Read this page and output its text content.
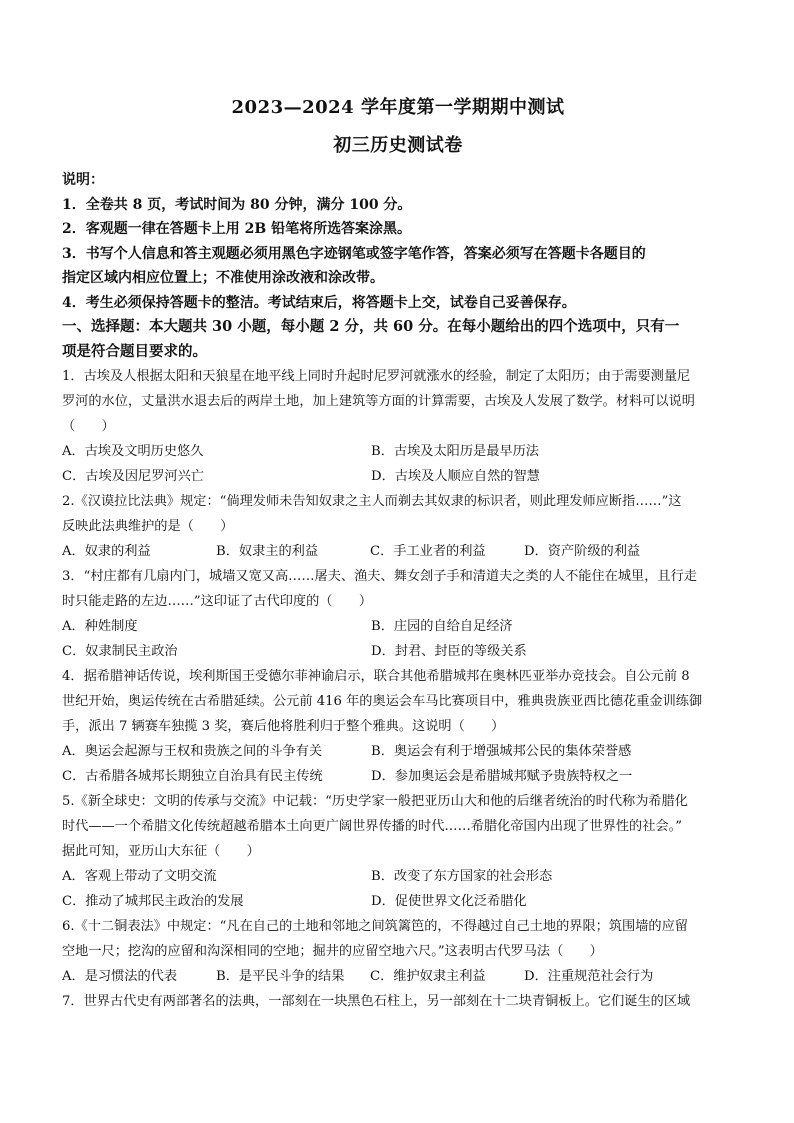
2023—2024 学年度第一学期期中测试
初三历史测试卷
说明：
1．全卷共 8 页，考试时间为 80 分钟，满分 100 分。
2．客观题一律在答题卡上用 2B 铅笔将所选答案涂黑。
3．书写个人信息和答主观题必须用黑色字迹钢笔或签字笔作答，答案必须写在答题卡各题目的
指定区域内相应位置上；不准使用涂改液和涂改带。
4．考生必须保持答题卡的整洁。考试结束后，将答题卡上交，试卷自己妥善保存。
一、选择题：本大题共 30 小题，每小题 2 分，共 60 分。在每小题给出的四个选项中，只有一
项是符合题目要求的。
1．古埃及人根据太阳和天狼星在地平线上同时升起时尼罗河就涨水的经验，制定了太阳历；由于需要测量尼
罗河的水位，丈量洪水退去后的两岸土地，加上建筑等方面的计算需要，古埃及人发展了数学。材料可以说明
（　　）
A．古埃及文明历史悠久	B．古埃及太阳历是最早历法
C．古埃及因尼罗河兴亡	D．古埃及人顺应自然的智慧
2.《汉谟拉比法典》规定：“倘理发师未告知奴隶之主人而剃去其奴隶的标识者，则此理发师应断指……”这
反映此法典维护的是（　　）
A．奴隶的利益	B．奴隶主的利益	C．手工业者的利益	D．资产阶级的利益
3．“村庄都有几扇内门，城墙又宽又高……屠夫、渔夫、舞女刽子手和清道夫之类的人不能住在城里，且行走
时只能走路的左边……”这印证了古代印度的（　　）
A．种姓制度	B．庄园的自给自足经济
C．奴隶制民主政治	D．封君、封臣的等级关系
4．据希腊神话传说，埃利斯国王受德尔菲神谕启示，联合其他希腊城邦在奥林匹亚举办竞技会。自公元前 8
世纪开始，奥运传统在古希腊延续。公元前 416 年的奥运会车马比赛项目中，雅典贵族亚西比德花重金训练御
手，派出 7 辆赛车独揽 3 奖，赛后他将胜利归于整个雅典。这说明（　　）
A．奥运会起源与王权和贵族之间的斗争有关	B．奥运会有利于增强城邦公民的集体荣誉感
C．古希腊各城邦长期独立自治具有民主传统	D．参加奥运会是希腊城邦赋予贵族特权之一
5.《新全球史：文明的传承与交流》中记载：“历史学家一般把亚历山大和他的后继者统治的时代称为希腊化
时代——一个希腊文化传统超越希腊本土向更广阔世界传播的时代……希腊化帝国内出现了世界性的社会。”
据此可知，亚历山大东征（　　）
A．客观上带动了文明交流	B．改变了东方国家的社会形态
C．推动了城邦民主政治的发展	D．促使世界文化泛希腊化
6.《十二铜表法》中规定：“凡在自己的土地和邻地之间筑篱笆的，不得越过自己土地的界限；筑围墙的应留
空地一尺；挖沟的应留和沟深相同的空地；掘井的应留空地六尺。”这表明古代罗马法（　　）
A．是习惯法的代表	B．是平民斗争的结果	C．维护奴隶主利益	D．注重规范社会行为
7．世界古代史有两部著名的法典，一部刻在一块黑色石柱上，另一部刻在十二块青铜板上。它们诞生的区域
